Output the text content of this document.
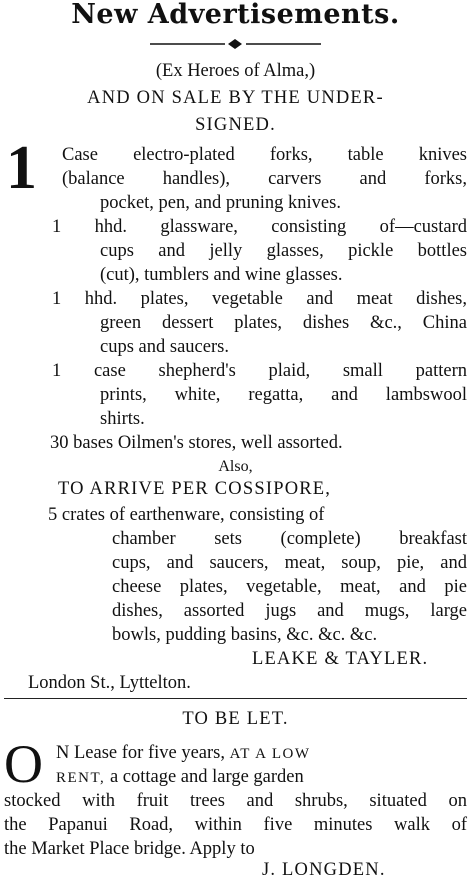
New Advertisements.
(Ex Heroes of Alma,)
AND ON SALE BY THE UNDER-
SIGNED.
1 Case electro-plated forks, table knives
(balance handles), carvers and forks,
pocket, pen, and pruning knives.
1 hhd. glassware, consisting of—custard
cups and jelly glasses, pickle bottles
(cut), tumblers and wine glasses.
1 hhd. plates, vegetable and meat dishes,
green dessert plates, dishes &c., China
cups and saucers.
1 case shepherd's plaid, small pattern
prints, white, regatta, and lambswool
shirts.
30 bases Oilmen's stores, well assorted.
Also,
TO ARRIVE PER COSSIPORE,
5 crates of earthenware, consisting of
chamber sets (complete) breakfast
cups, and saucers, meat, soup, pie, and
cheese plates, vegetable, meat, and pie
dishes, assorted jugs and mugs, large
bowls, pudding basins, &c. &c. &c.
LEAKE & TAYLER.
London St., Lyttelton.
TO BE LET.
O N Lease for five years, AT A LOW
RENT, a cottage and large garden
stocked with fruit trees and shrubs, situated on
the Papanui Road, within five minutes walk of
the Market Place bridge. Apply to
J. LONGDEN.
